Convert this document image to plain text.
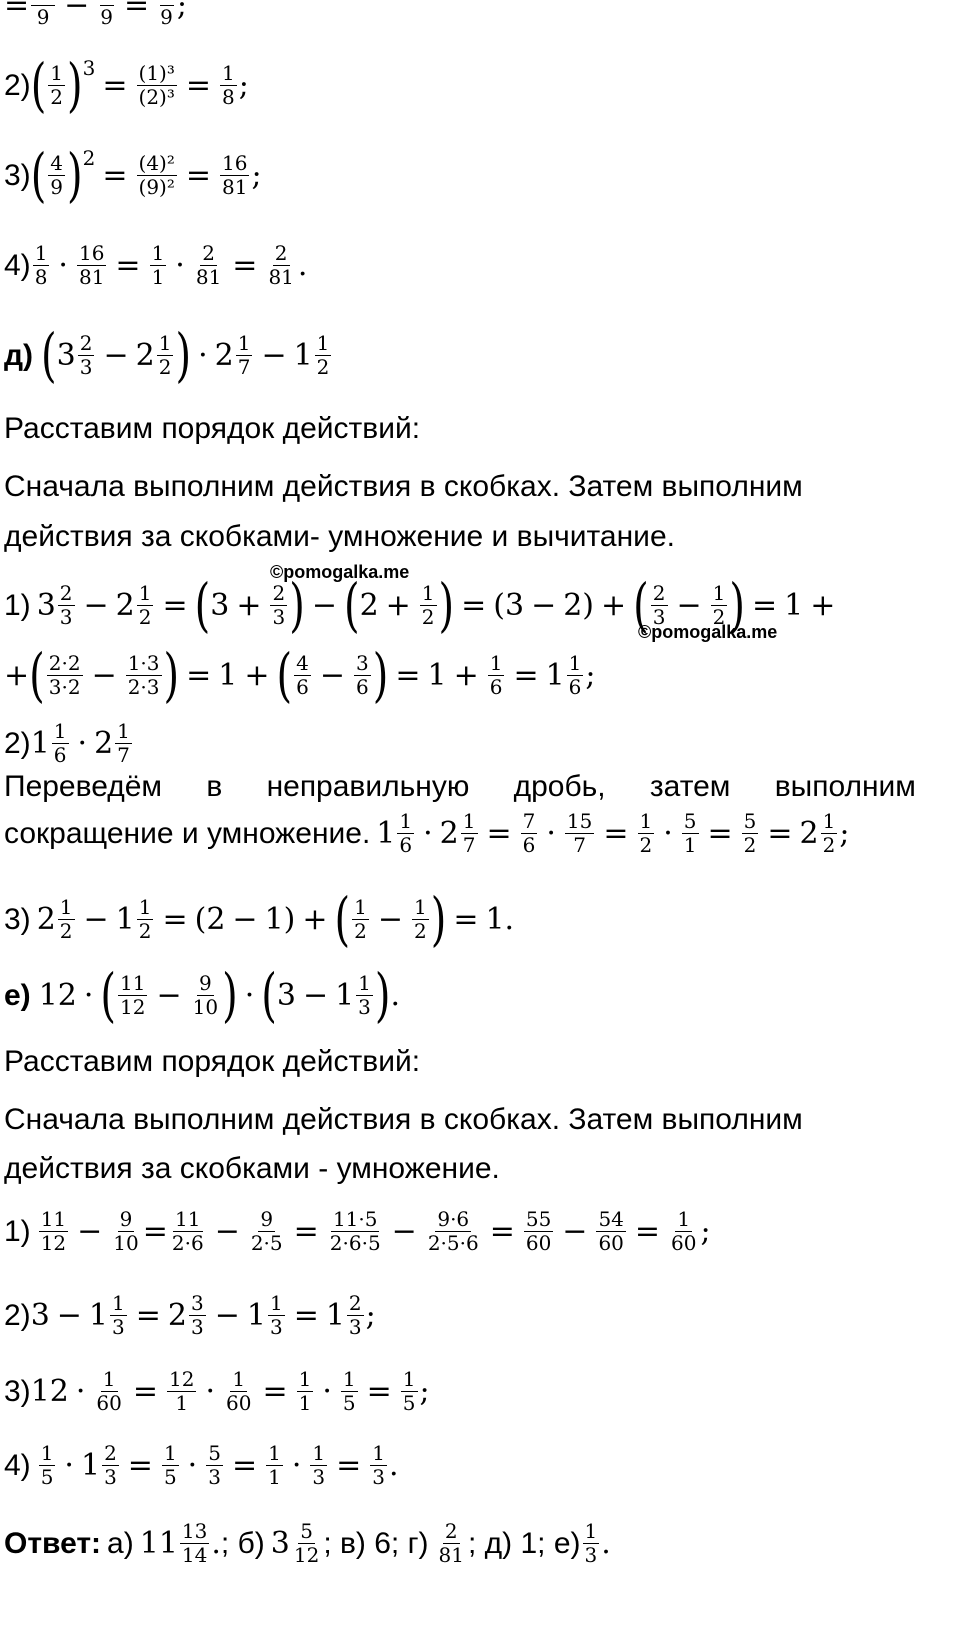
=
  9 −
  9 =
  9 ;
2) ( $\frac{1}{2}$ ) $3 = \frac{\text{(1)³}}{\text{(2)³}} = \frac{1}{8}$ ;
3) ( $\frac{4}{9}$ ) $2 = \frac{\text{(4)²}}{\text{(9)²}} = \frac{16}{81}$ ;
$4) \frac{1}{8} \cdot \frac{16}{81} = \frac{1}{1} \cdot \frac{2}{81} = \frac{2}{81}$ .
д) ( $3 \frac{2}{3} - 2 \frac{1}{2}$ ) · $2 \frac{1}{7} - 1 \frac{1}{2}$
Расставим порядок действий:
Сначала выполним действия в скобках. Затем выполним
действия за скобками- умножение и вычитание.
©pomogalka.me
1) $3 \frac{2}{3} - 2 \frac{1}{2}$ = ( $3 + \frac{2}{3}$ ) − ( $2 + \frac{1}{2}$ ) = (3 − 2) + ( $\frac{2}{3} - \frac{1}{2}$ ) = 1 +
©pomogalka.me
+ ( $\frac{2\cdot 2}{3\cdot 2} - \frac{1\cdot 3}{2\cdot 3}$ ) = 1 + ( $\frac{4}{6} - \frac{3}{6}$ ) = $1 + \frac{1}{6} = 1 \frac{1}{6}$ ;
2) $1 \frac{1}{6} \cdot 2 \frac{1}{7}$
Переведём в неправильную дробь, затем выполним
сокращение и умножение. $1 \frac{1}{6} \cdot 2 \frac{1}{7} = \frac{7}{6} \cdot \frac{15}{7} = \frac{1}{2} \cdot \frac{5}{1} = \frac{5}{2} = 2 \frac{1}{2}$ ;
3) $2 \frac{1}{2} - 1 \frac{1}{2} = (2 - 1)$ + ( $\frac{1}{2} - \frac{1}{2}$ ) = 1.
е) 12 · ( $\frac{11}{12} - \frac{9}{10}$ ) · ( $3 - 1 \frac{1}{3}$ ) .
Расставим порядок действий:
Сначала выполним действия в скобках. Затем выполним
действия за скобками - умножение.
$1) \frac{11}{12} - \frac{9}{10} = \frac{11}{2\cdot 6} - \frac{9}{2\cdot 5} = \frac{11\cdot 5}{2\cdot 6\cdot 5} - \frac{9\cdot 6}{2\cdot 5\cdot 6} = \frac{55}{60} - \frac{54}{60} = \frac{1}{60}$ ;
2) $3 - 1 \frac{1}{3} = 2 \frac{3}{3} - 1 \frac{1}{3} = 1 \frac{2}{3}$ ;
3) $12 \cdot \frac{1}{60} = \frac{12}{1} \cdot \frac{1}{60} = \frac{1}{1} \cdot \frac{1}{5} = \frac{1}{5}$ ;
$4) \frac{1}{5} \cdot 1 \frac{2}{3} = \frac{1}{5} \cdot \frac{5}{3} = \frac{1}{1} \cdot \frac{1}{3} = \frac{1}{3}$ .
Ответ: а) $11 \frac{13}{14}$ . ; б) $3 \frac{5}{12}$ ; в) 6; $г) \frac{2}{81}$ ; д) 1; $е) \frac{1}{3}$ .
